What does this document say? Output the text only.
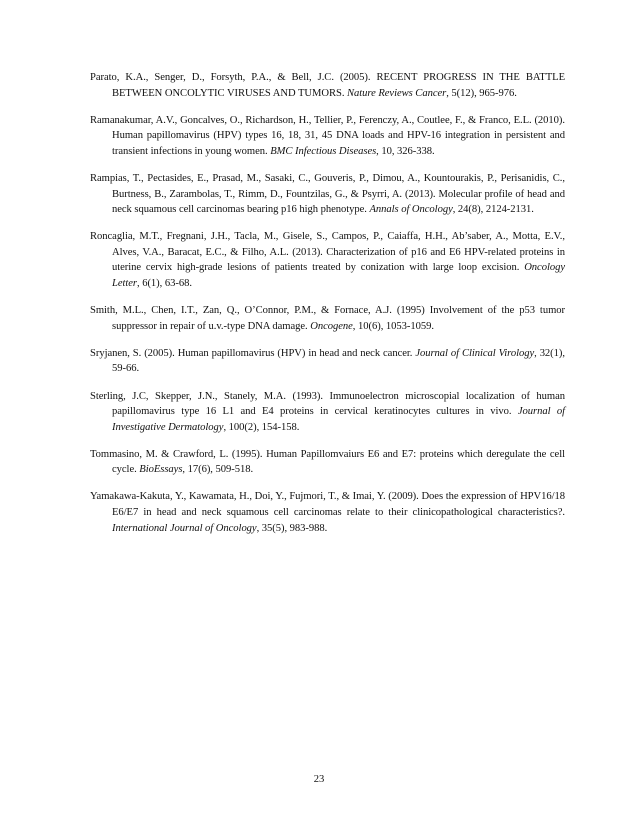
Parato, K.A., Senger, D., Forsyth, P.A., & Bell, J.C. (2005). RECENT PROGRESS IN THE BATTLE BETWEEN ONCOLYTIC VIRUSES AND TUMORS. Nature Reviews Cancer, 5(12), 965-976.

Ramanakumar, A.V., Goncalves, O., Richardson, H., Tellier, P., Ferenczy, A., Coutlee, F., & Franco, E.L. (2010). Human papillomavirus (HPV) types 16, 18, 31, 45 DNA loads and HPV-16 integration in persistent and transient infections in young women. BMC Infectious Diseases, 10, 326-338.

Rampias, T., Pectasides, E., Prasad, M., Sasaki, C., Gouveris, P., Dimou, A., Kountourakis, P., Perisanidis, C., Burtness, B., Zarambolas, T., Rimm, D., Fountzilas, G., & Psyrri, A. (2013). Molecular profile of head and neck squamous cell carcinomas bearing p16 high phenotype. Annals of Oncology, 24(8), 2124-2131.

Roncaglia, M.T., Fregnani, J.H., Tacla, M., Gisele, S., Campos, P., Caiaffa, H.H., Ab’saber, A., Motta, E.V., Alves, V.A., Baracat, E.C., & Filho, A.L. (2013). Characterization of p16 and E6 HPV-related proteins in uterine cervix high-grade lesions of patients treated by conization with large loop excision. Oncology Letter, 6(1), 63-68.

Smith, M.L., Chen, I.T., Zan, Q., O’Connor, P.M., & Fornace, A.J. (1995) Involvement of the p53 tumor suppressor in repair of u.v.-type DNA damage. Oncogene, 10(6), 1053-1059.

Sryjanen, S. (2005). Human papillomavirus (HPV) in head and neck cancer. Journal of Clinical Virology, 32(1), 59-66.

Sterling, J.C, Skepper, J.N., Stanely, M.A. (1993). Immunoelectron microscopial localization of human papillomavirus type 16 L1 and E4 proteins in cervical keratinocytes cultures in vivo. Journal of Investigative Dermatology, 100(2), 154-158.

Tommasino, M. & Crawford, L. (1995). Human Papillomvaiurs E6 and E7: proteins which deregulate the cell cycle. BioEssays, 17(6), 509-518.

Yamakawa-Kakuta, Y., Kawamata, H., Doi, Y., Fujmori, T., & Imai, Y. (2009). Does the expression of HPV16/18 E6/E7 in head and neck squamous cell carcinomas relate to their clinicopathological characteristics?. International Journal of Oncology, 35(5), 983-988.

23
